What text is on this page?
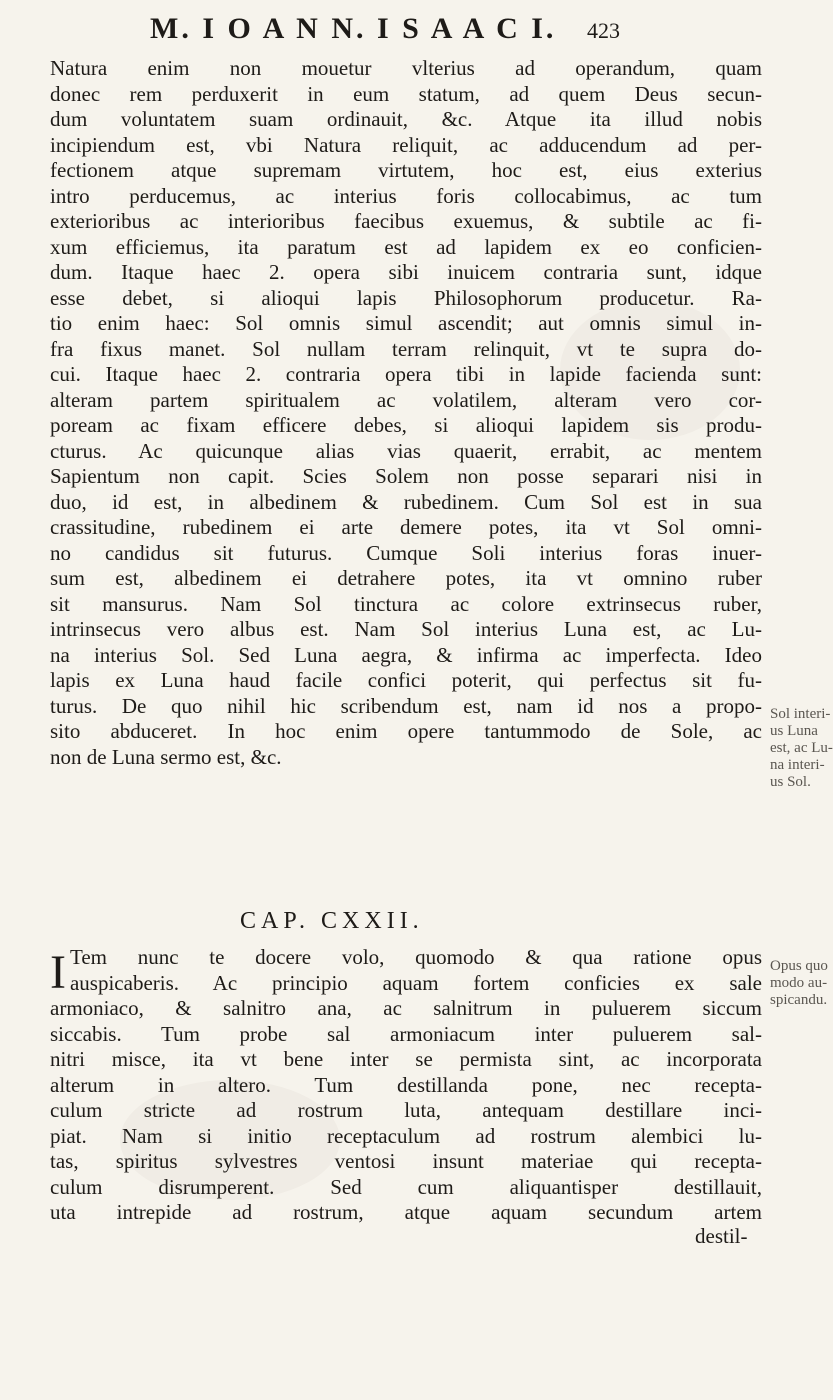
M. I O A N N. I S A A C I. 423
Natura enim non mouetur vlterius ad operandum, quam
donec rem perduxerit in eum statum, ad quem Deus secun-
dum voluntatem suam ordinauit, &c. Atque ita illud nobis
incipiendum est, vbi Natura reliquit, ac adducendum ad per-
fectionem atque supremam virtutem, hoc est, eius exterius
intro perducemus, ac interius foris collocabimus, ac tum
exterioribus ac interioribus faecibus exuemus, & subtile ac fi-
xum efficiemus, ita paratum est ad lapidem ex eo conficien-
dum. Itaque haec 2. opera sibi inuicem contraria sunt, idque
esse debet, si alioqui lapis Philosophorum producetur. Ra-
tio enim haec: Sol omnis simul ascendit; aut omnis simul in-
fra fixus manet. Sol nullam terram relinquit, vt te supra do-
cui. Itaque haec 2. contraria opera tibi in lapide facienda sunt:
alteram partem spiritualem ac volatilem, alteram vero cor-
poream ac fixam efficere debes, si alioqui lapidem sis produ-
cturus. Ac quicunque alias vias quaerit, errabit, ac mentem
Sapientum non capit. Scies Solem non posse separari nisi in
duo, id est, in albedinem & rubedinem. Cum Sol est in sua
crassitudine, rubedinem ei arte demere potes, ita vt Sol omni-
no candidus sit futurus. Cumque Soli interius foras inuer-
sum est, albedinem ei detrahere potes, ita vt omnino ruber
sit mansurus. Nam Sol tinctura ac colore extrinsecus ruber,
intrinsecus vero albus est. Nam Sol interius Luna est, ac Lu-
na interius Sol. Sed Luna aegra, & infirma ac imperfecta. Ideo
lapis ex Luna haud facile confici poterit, qui perfectus sit fu-
turus. De quo nihil hic scribendum est, nam id nos a propo-
sito abduceret. In hoc enim opere tantummodo de Sole, ac
non de Luna sermo est, &c.
CAP. CXXII.
I Tem nunc te docere volo, quomodo & qua ratione opus
auspicaberis. Ac principio aquam fortem conficies ex sale
armoniaco, & salnitro ana, ac salnitrum in puluerem siccum
siccabis. Tum probe sal armoniacum inter puluerem sal-
nitri misce, ita vt bene inter se permista sint, ac incorporata
alterum in altero. Tum destillanda pone, nec recepta-
culum stricte ad rostrum luta, antequam destillare inci-
piat. Nam si initio receptaculum ad rostrum alembici lu-
tas, spiritus sylvestres ventosi insunt materiae qui recepta-
culum disrumperent. Sed cum aliquantisper destillauit,
uta intrepide ad rostrum, atque aquam secundum artem
destil-
Sol interi-
us Luna
est, ac Lu-
na interi-
us Sol.
Opus quo
modo au-
spicandu.
